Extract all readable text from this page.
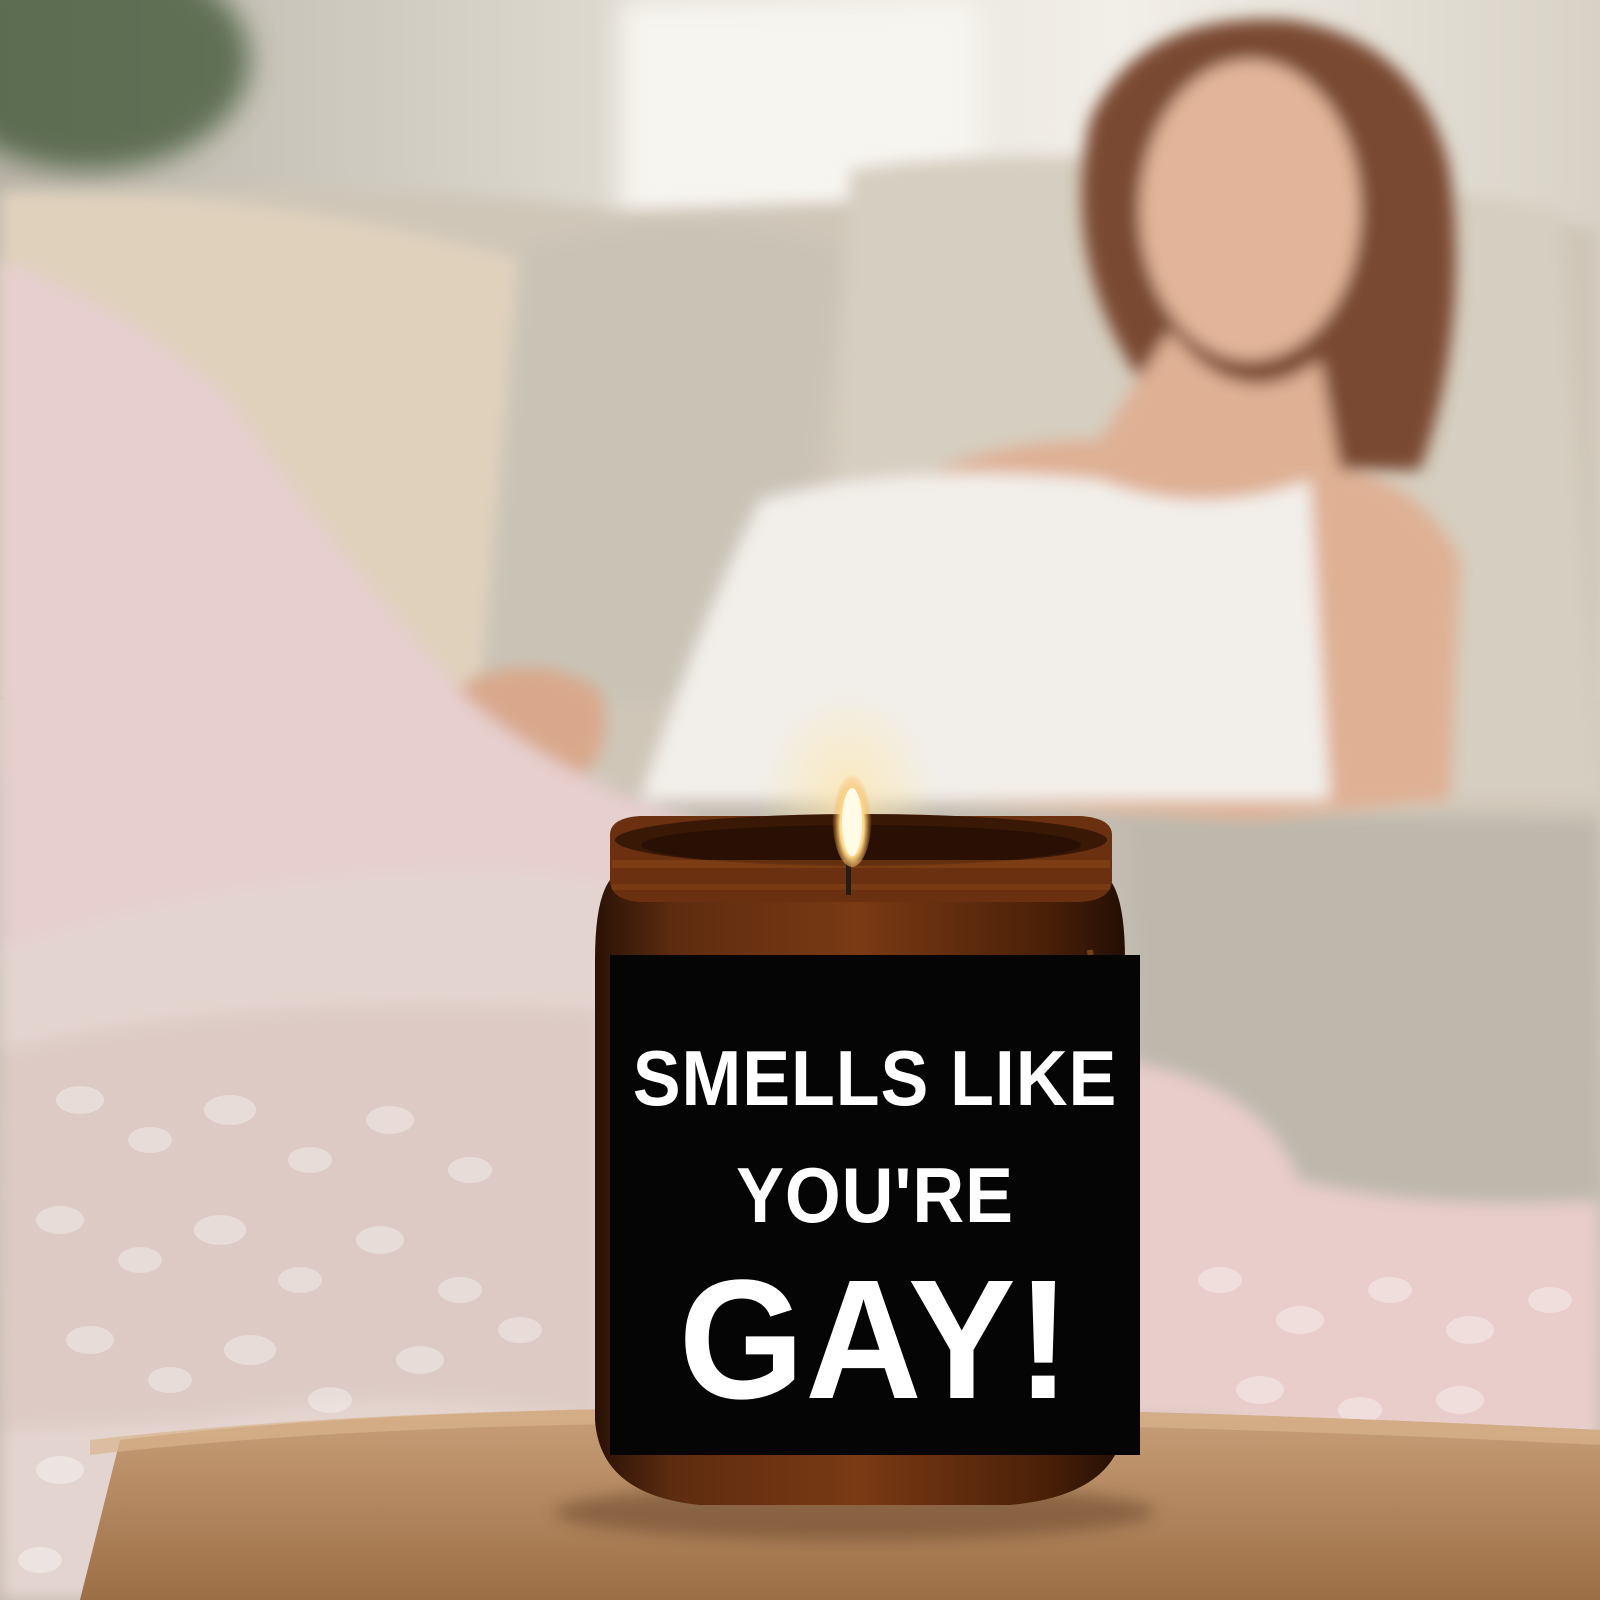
SMELLS LIKE
YOU'RE
GAY!
